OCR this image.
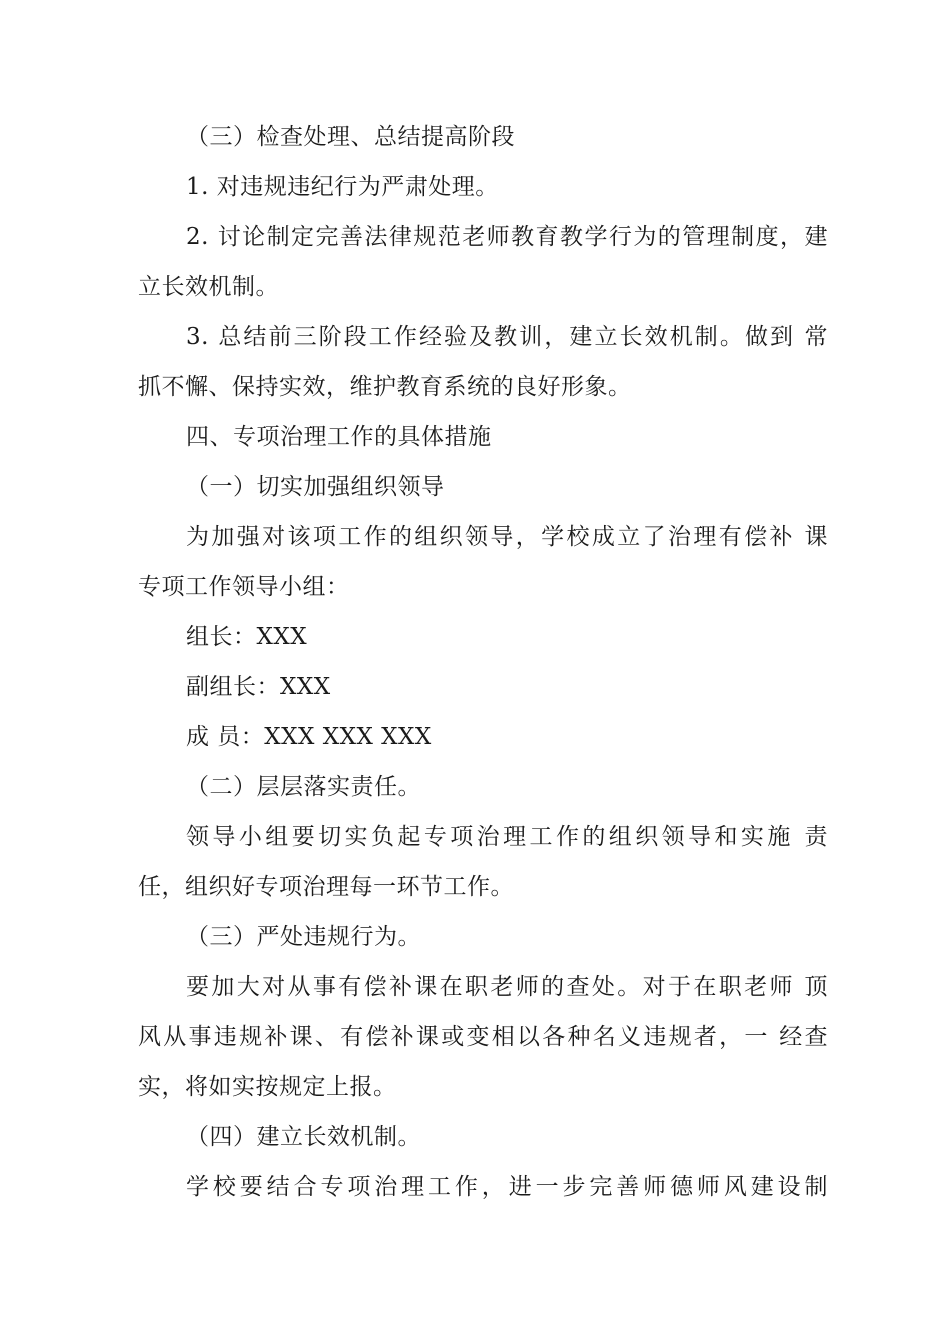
（三）检查处理、总结提高阶段
1. 对违规违纪行为严肃处理。
2. 讨论制定完善法律规范老师教育教学行为的管理制度，建
立长效机制。
3. 总结前三阶段工作经验及教训，建立长效机制。做到 常
抓不懈、保持实效，维护教育系统的良好形象。
四、专项治理工作的具体措施
（一）切实加强组织领导
为加强对该项工作的组织领导，学校成立了治理有偿补 课
专项工作领导小组：
组长：XXX
副组长：XXX
成 员：XXX XXX XXX
（二）层层落实责任。
领导小组要切实负起专项治理工作的组织领导和实施 责
任，组织好专项治理每一环节工作。
（三）严处违规行为。
要加大对从事有偿补课在职老师的查处。对于在职老师 顶
风从事违规补课、有偿补课或变相以各种名义违规者，一 经查
实，将如实按规定上报。
（四）建立长效机制。
学校要结合专项治理工作，进一步完善师德师风建设制
